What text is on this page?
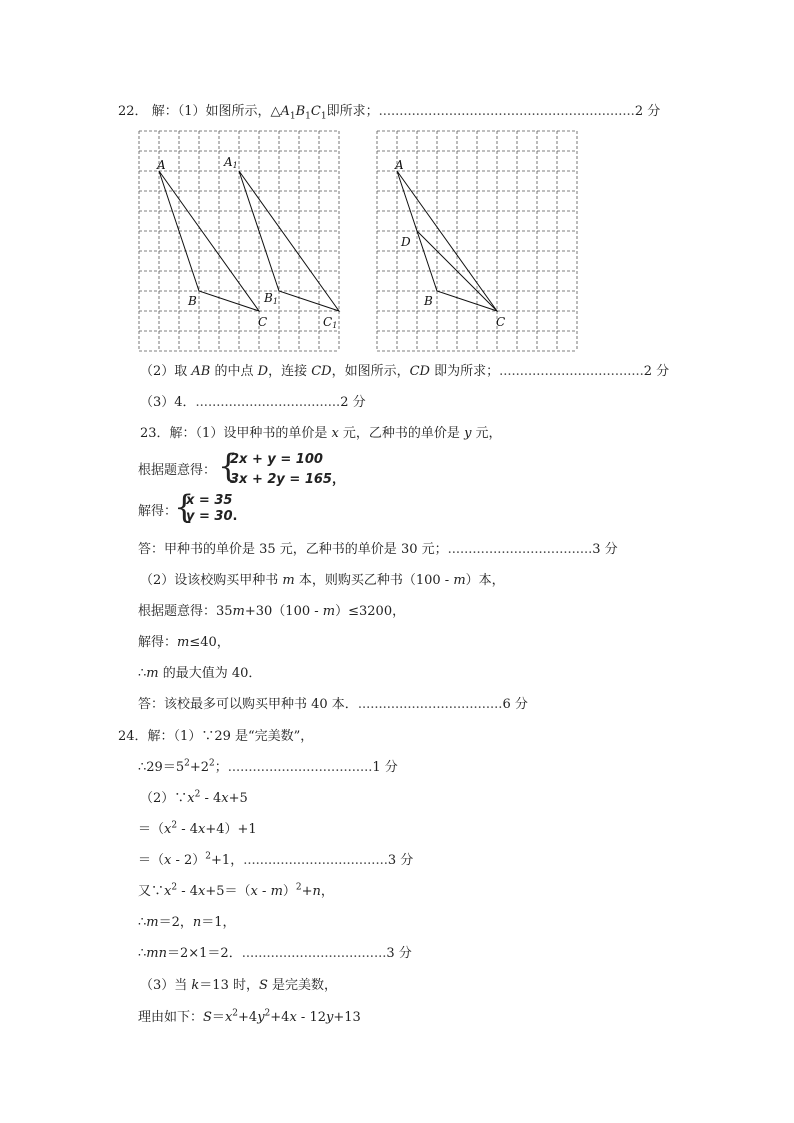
22． 解：（1）如图所示，$\triangle A_1B_1C_1$即所求；..............................................................2 分
A
B
C
A1
B1
C1
A
D
B
C
（2）取 AB 的中点 D，连接 CD，如图所示，CD 即为所求；...................................2 分
（3）4．...................................2 分
23．解：（1）设甲种书的单价是 x 元，乙种书的单价是 y 元，
根据题意得： {
2x + y = 100
3x + 2y = 165，
解得：
{
x = 35
y = 30.
答：甲种书的单价是 35 元，乙种书的单价是 30 元；...................................3 分
（2）设该校购买甲种书 m 本，则购买乙种书（100 - m）本，
根据题意得：35m+30（100 - m）≤3200，
解得：m≤40，
∴m 的最大值为 40．
答：该校最多可以购买甲种书 40 本．...................................6 分
24．解：（1）∵29 是“完美数”，
$\therefore 29=5^2+2^2$；...................................1 分
$(2)\because x^2 - 4x+5$
$=(x^2 - 4x+4)+1$
＝（x - 2）$^2$+1，...................................3 分
又$\because x^2 - 4x+5=(x - m)^2+n$，
∴m＝2，n＝1，
∴mn＝2×1＝2．...................................3 分
（3）当 k＝13 时，S 是完美数，
理由如下：$S=x^2+4y^2+4x - 12y+13$
